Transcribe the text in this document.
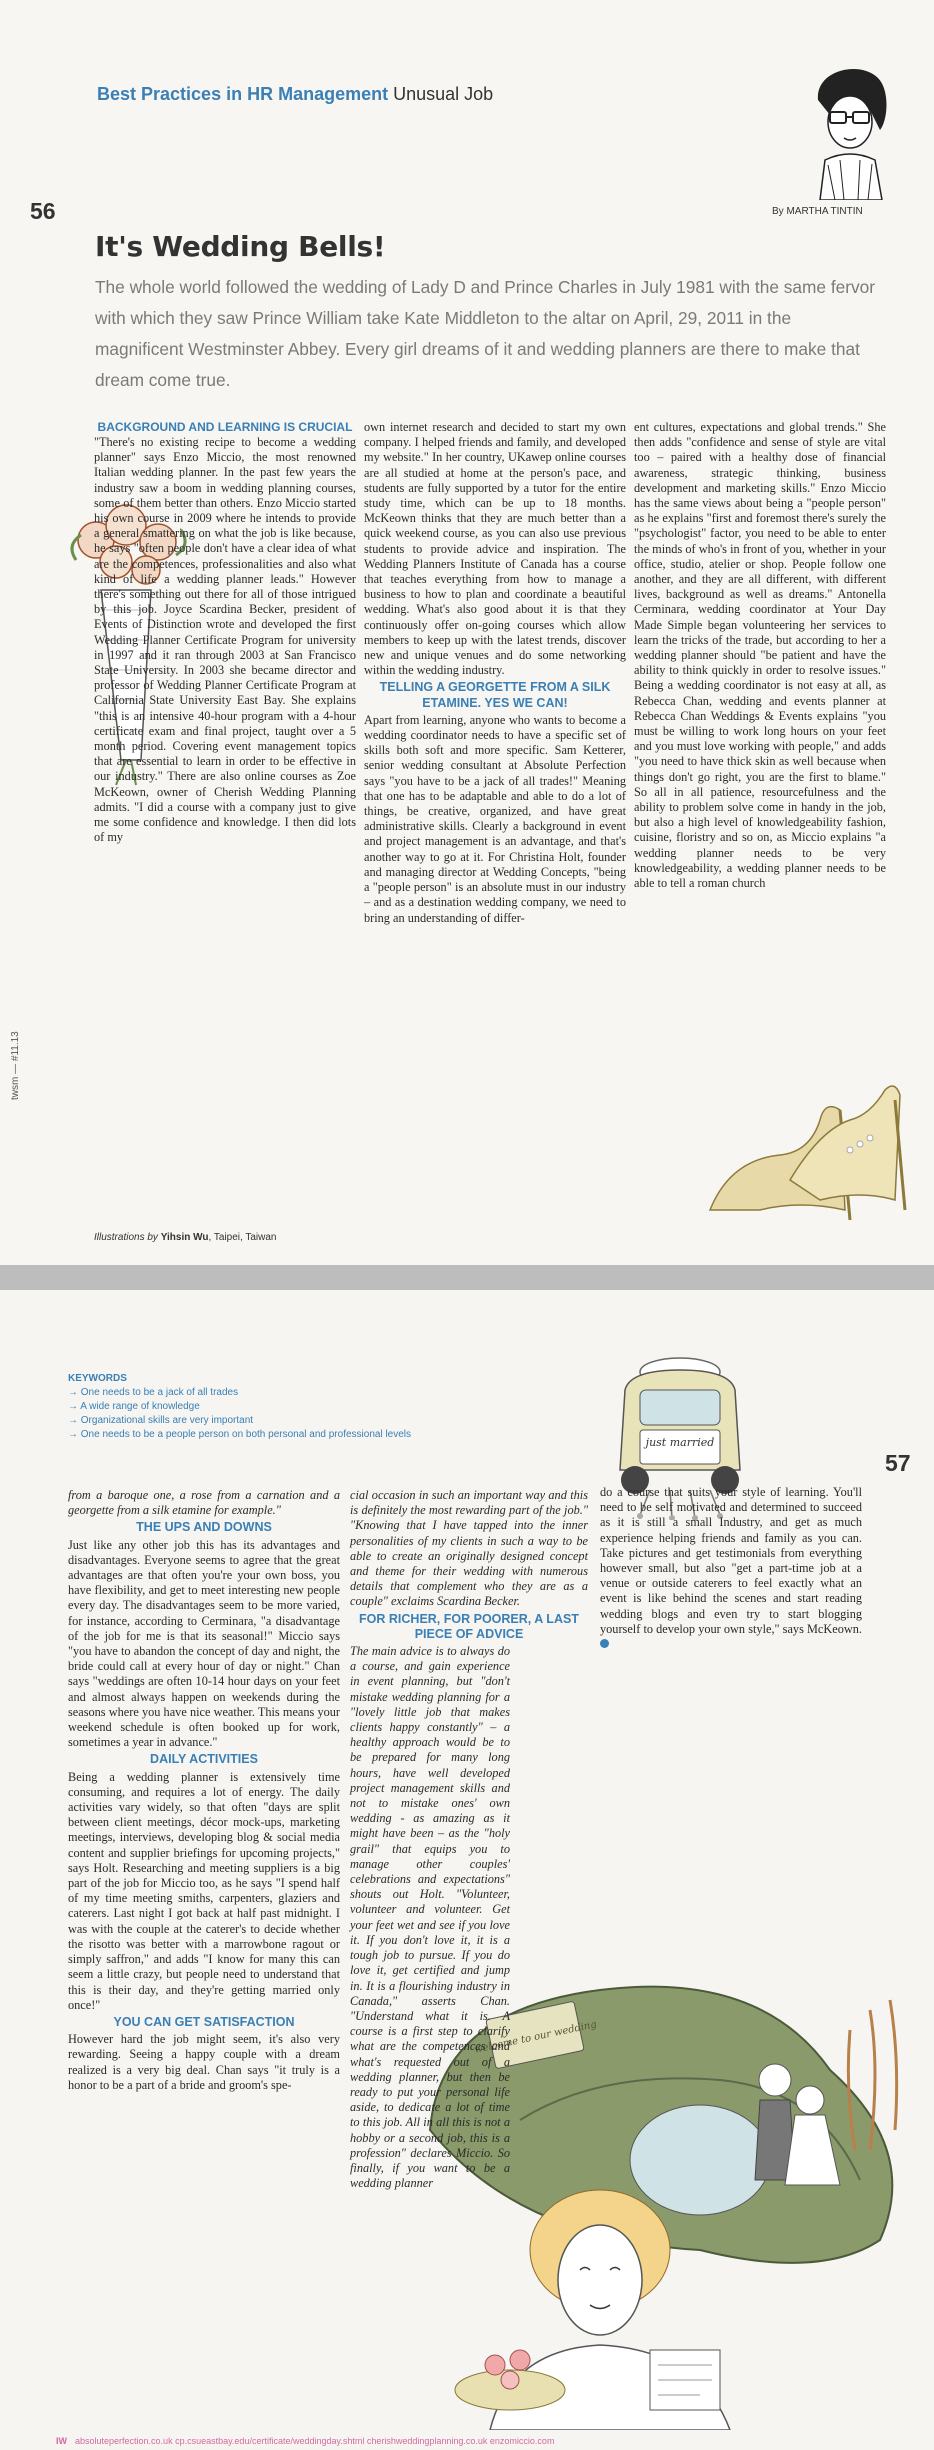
Best Practices in HR Management Unusual Job
56	By MARTHA TINTIN
It's Wedding Bells!
The whole world followed the wedding of Lady D and Prince Charles in July 1981 with the same fervor with which they saw Prince William take Kate Middleton to the altar on April, 29, 2011 in the magnificent Westminster Abbey. Every girl dreams of it and wedding planners are there to make that dream come true.
BACKGROUND AND LEARNING IS CRUCIAL

"There's no existing recipe to become a wedding planner" says Enzo Miccio, the most renowned Italian wedding planner. In the past few years the industry saw a boom in wedding planning courses, some of them better than others. Enzo Miccio started his own course in 2009 where he intends to provide a general smattering on what the job is like because, he says "often people don't have a clear idea of what are the competences, professionalities and also what kind of life a wedding planner leads." However there's something out there for all of those intrigued by this job. Joyce Scardina Becker, president of Events of Distinction wrote and developed the first Wedding Planner Certificate Program for university in 1997 and it ran through 2003 at San Francisco State University. In 2003 she became director and professor of Wedding Planner Certificate Program at California State University East Bay. She explains "this is an intensive 40-hour program with a 4-hour certificate exam and final project, taught over a 5 month period. Covering event management topics that are essential to learn in order to be effective in our industry." There are also online courses as Zoe McKeown, owner of Cherish Wedding Planning admits. "I did a course with a company just to give me some confidence and knowledge. I then did lots of my

own internet research and decided to start my own company. I helped friends and family, and developed my website." In her country, UKawep online courses are all studied at home at the person's pace, and students are fully supported by a tutor for the entire study time, which can be up to 18 months. McKeown thinks that they are much better than a quick weekend course, as you can also use previous students to provide advice and inspiration. The Wedding Planners Institute of Canada has a course that teaches everything from how to manage a business to how to plan and coordinate a beautiful wedding. What's also good about it is that they continuously offer on-going courses which allow members to keep up with the latest trends, discover new and unique venues and do some networking within the wedding industry.

TELLING A GEORGETTE FROM A SILK ETAMINE. YES WE CAN!

Apart from learning, anyone who wants to become a wedding coordinator needs to have a specific set of skills both soft and more specific. Sam Ketterer, senior wedding consultant at Absolute Perfection says "you have to be a jack of all trades!" Meaning that one has to be adaptable and able to do a lot of things, be creative, organized, and have great administrative skills. Clearly a background in event and project management is an advantage, and that's another way to go at it. For Christina Holt, founder and managing director at Wedding Concepts, "being a "people person" is an absolute must in our industry – and as a destination wedding company, we need to bring an understanding of differ-

ent cultures, expectations and global trends." She then adds "confidence and sense of style are vital too – paired with a healthy dose of financial awareness, strategic thinking, business development and marketing skills." Enzo Miccio has the same views about being a "people person" as he explains "first and foremost there's surely the "psychologist" factor, you need to be able to enter the minds of who's in front of you, whether in your office, studio, atelier or shop. People follow one another, and they are all different, with different lives, background as well as dreams." Antonella Cerminara, wedding coordinator at Your Day Made Simple began volunteering her services to learn the tricks of the trade, but according to her a wedding planner should "be patient and have the ability to think quickly in order to resolve issues." Being a wedding coordinator is not easy at all, as Rebecca Chan, wedding and events planner at Rebecca Chan Weddings & Events explains "you must be willing to work long hours on your feet and you must love working with people," and adds "you need to have thick skin as well because when things don't go right, you are the first to blame." So all in all patience, resourcefulness and the ability to problem solve come in handy in the job, but also a high level of knowledgeability fashion, cuisine, floristry and so on, as Miccio explains "a wedding planner needs to be very knowledgeability, a wedding planner needs to be able to tell a roman church

twsm — #11.13
Illustrations by Yihsin Wu, Taipei, Taiwan
KEYWORDS
→ One needs to be a jack of all trades
→ A wide range of knowledge
→ Organizational skills are very important
→ One needs to be a people person on both personal and professional levels
just married
57

from a baroque one, a rose from a carnation and a georgette from a silk etamine for example."

THE UPS AND DOWNS

Just like any other job this has its advantages and disadvantages. Everyone seems to agree that the great advantages are that often you're your own boss, you have flexibility, and get to meet interesting new people every day. The disadvantages seem to be more varied, for instance, according to Cerminara, "a disadvantage of the job for me is that its seasonal!" Miccio says "you have to abandon the concept of day and night, the bride could call at every hour of day or night." Chan says "weddings are often 10-14 hour days on your feet and almost always happen on weekends during the seasons where you have nice weather. This means your weekend schedule is often booked up for work, sometimes a year in advance."

DAILY ACTIVITIES

Being a wedding planner is extensively time consuming, and requires a lot of energy. The daily activities vary widely, so that often "days are split between client meetings, décor mock-ups, marketing meetings, interviews, developing blog & social media content and supplier briefings for upcoming projects," says Holt. Researching and meeting suppliers is a big part of the job for Miccio too, as he says "I spend half of my time meeting smiths, carpenters, glaziers and caterers. Last night I got back at half past midnight. I was with the couple at the caterer's to decide whether the risotto was better with a marrowbone ragout or simply saffron," and adds "I know for many this can seem a little crazy, but people need to understand that this is their day, and they're getting married only once!"

YOU CAN GET SATISFACTION

However hard the job might seem, it's also very rewarding. Seeing a happy couple with a dream realized is a very big deal. Chan says "it truly is a honor to be a part of a bride and groom's spe-

welcome to our wedding

cial occasion in such an important way and this is definitely the most rewarding part of the job." "Knowing that I have tapped into the inner personalities of my clients in such a way to be able to create an originally designed concept and theme for their wedding with numerous details that complement who they are as a couple" exclaims Scardina Becker.

FOR RICHER, FOR POORER, A LAST PIECE OF ADVICE

The main advice is to always do a course, and gain experience in event planning, but "don't mistake wedding planning for a "lovely little job that makes clients happy constantly" – a healthy approach would be to be prepared for many long hours, have well developed project management skills and not to mistake ones' own wedding - as amazing as it might have been – as the "holy grail" that equips you to manage other couples' celebrations and expectations" shouts out Holt. "Volunteer, volunteer and volunteer. Get your feet wet and see if you love it. If you don't love it, it is a tough job to pursue. If you do love it, get certified and jump in. It is a flourishing industry in Canada," asserts Chan. "Understand what it is. A course is a first step to clarify what are the competences and what's requested out of a wedding planner, but then be ready to put your personal life aside, to dedicate a lot of time to this job. All in all this is not a hobby or a second job, this is a profession" declares Miccio. So finally, if you want to be a wedding planner

do a course that suits your style of learning. You'll need to be self motivated and determined to succeed as it is still a small Industry, and get as much experience helping friends and family as you can. Take pictures and get testimonials from everything however small, but also "get a part-time job at a venue or outside caterers to feel exactly what an event is like behind the scenes and start reading wedding blogs and even try to start blogging yourself to develop your own style," says McKeown.

IW absoluteperfection.co.uk cp.csueastbay.edu/certificate/weddingday.shtml cherishweddingplanning.co.uk enzomiccio.com
